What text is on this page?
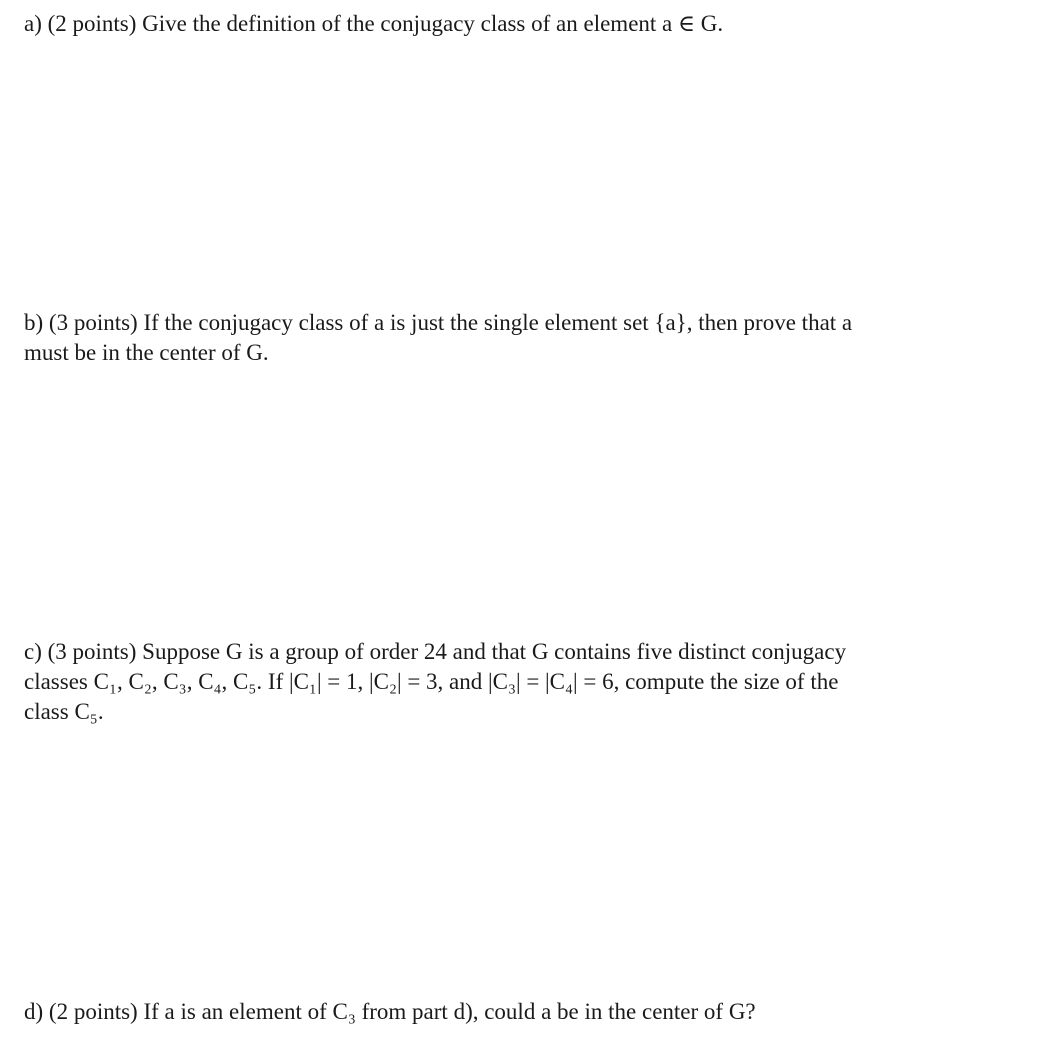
a) (2 points) Give the definition of the conjugacy class of an element a ∈ G.
b) (3 points) If the conjugacy class of a is just the single element set {a}, then prove that a
must be in the center of G.
c) (3 points) Suppose G is a group of order 24 and that G contains five distinct conjugacy
classes C₁, C₂, C₃, C₄, C₅. If |C₁| = 1, |C₂| = 3, and |C₃| = |C₄| = 6, compute the size of the
class C₅.
d) (2 points) If a is an element of C₃ from part d), could a be in the center of G?
